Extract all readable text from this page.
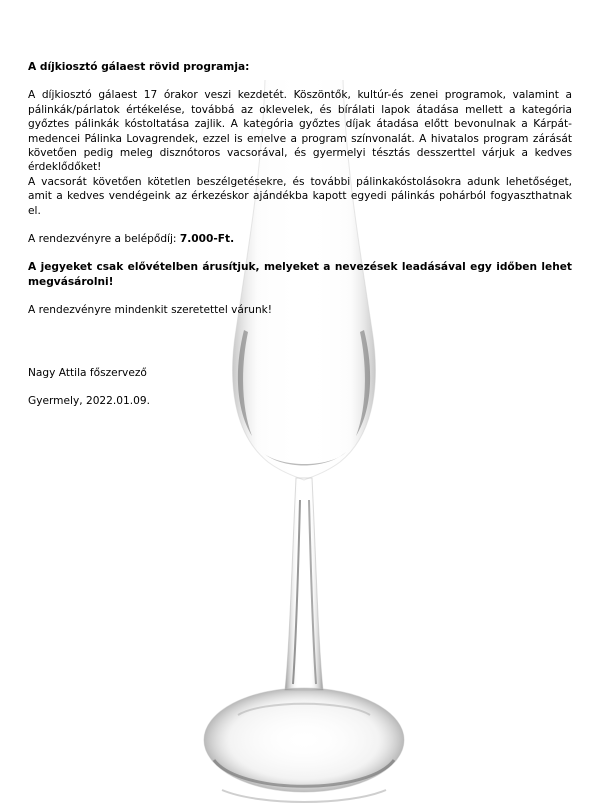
A díjkiosztó gálaest rövid programja:

A díjkiosztó gálaest 17 órakor veszi kezdetét. Köszöntők, kultúr-és zenei programok, valamint a pálinkák/párlatok értékelése, továbbá az oklevelek, és bírálati lapok átadása mellett a kategória győztes pálinkák kóstoltatása zajlik. A kategória győztes díjak átadása előtt bevonulnak a Kárpát-medencei Pálinka Lovagrendek, ezzel is emelve a program színvonalát. A hivatalos program zárását követően pedig meleg disznótoros vacsorával, és gyermelyi tésztás desszerttel várjuk a kedves érdeklődőket!

A vacsorát követően kötetlen beszélgetésekre, és további pálinkakóstolásokra adunk lehetőséget, amit a kedves vendégeink az érkezéskor ajándékba kapott egyedi pálinkás pohárból fogyaszthatnak el.

A rendezvényre a belépődíj: 7.000-Ft.

A jegyeket csak elővételben árusítjuk, melyeket a nevezések leadásával egy időben lehet megvásárolni!

A rendezvényre mindenkit szeretettel várunk!

Nagy Attila főszervező

Gyermely, 2022.01.09.
